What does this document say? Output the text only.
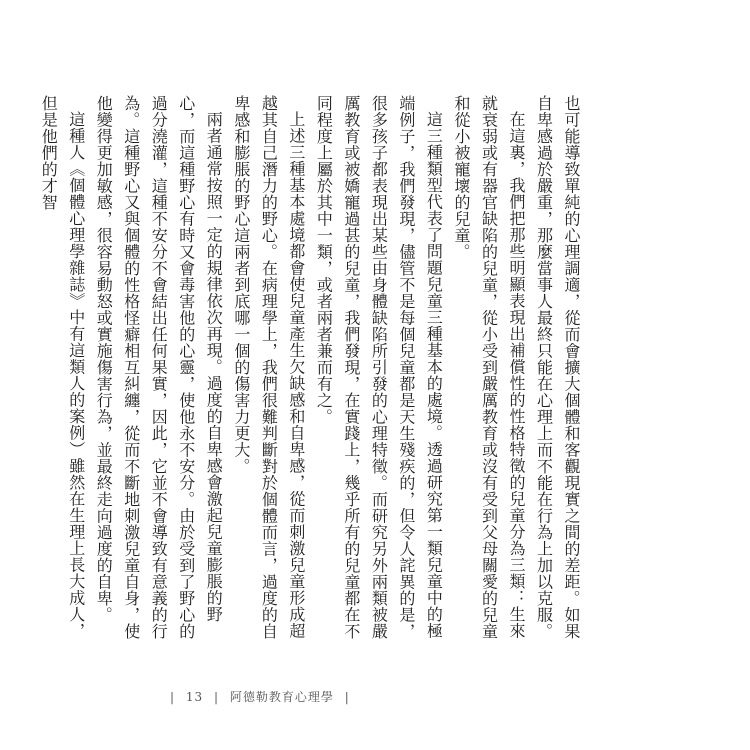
也可能導致單純的心理調適，從而會擴大個體和客觀現實之間的差距。如果自卑感過於嚴重，那麼當事人最終只能在心理上而不能在行為上加以克服。

在這裏，我們把那些明顯表現出補償性的性格特徵的兒童分為三類：生來就衰弱或有器官缺陷的兒童，從小受到嚴厲教育或沒有受到父母關愛的兒童和從小被寵壞的兒童。

這三種類型代表了問題兒童三種基本的處境。透過研究第一類兒童中的極端例子，我們發現，儘管不是每個兒童都是天生殘疾的，但令人詫異的是，很多孩子都表現出某些由身體缺陷所引發的心理特徵。而研究另外兩類被嚴厲教育或被嬌寵過甚的兒童，我們發現，在實踐上，幾乎所有的兒童都在不同程度上屬於其中一類，或者兩者兼而有之。

上述三種基本處境都會使兒童產生欠缺感和自卑感，從而刺激兒童形成超越其自己潛力的野心。在病理學上，我們很難判斷對於個體而言，過度的自卑感和膨脹的野心這兩者到底哪一個的傷害力更大。

兩者通常按照一定的規律依次再現。過度的自卑感會激起兒童膨脹的野心，而這種野心有時又會毒害他的心靈，使他永不安分。由於受到了野心的過分澆灌，這種不安分不會結出任何果實，因此，它並不會導致有意義的行為。這種野心又與個體的性格怪癖相互糾纏，從而不斷地刺激兒童自身，使他變得更加敏感，很容易動怒或實施傷害行為，並最終走向過度的自卑。

這種人《個體心理學雜誌》中有這類人的案例）雖然在生理上長大成人，但是他們的才智

| 13 | 阿德勒教育心理學 |
